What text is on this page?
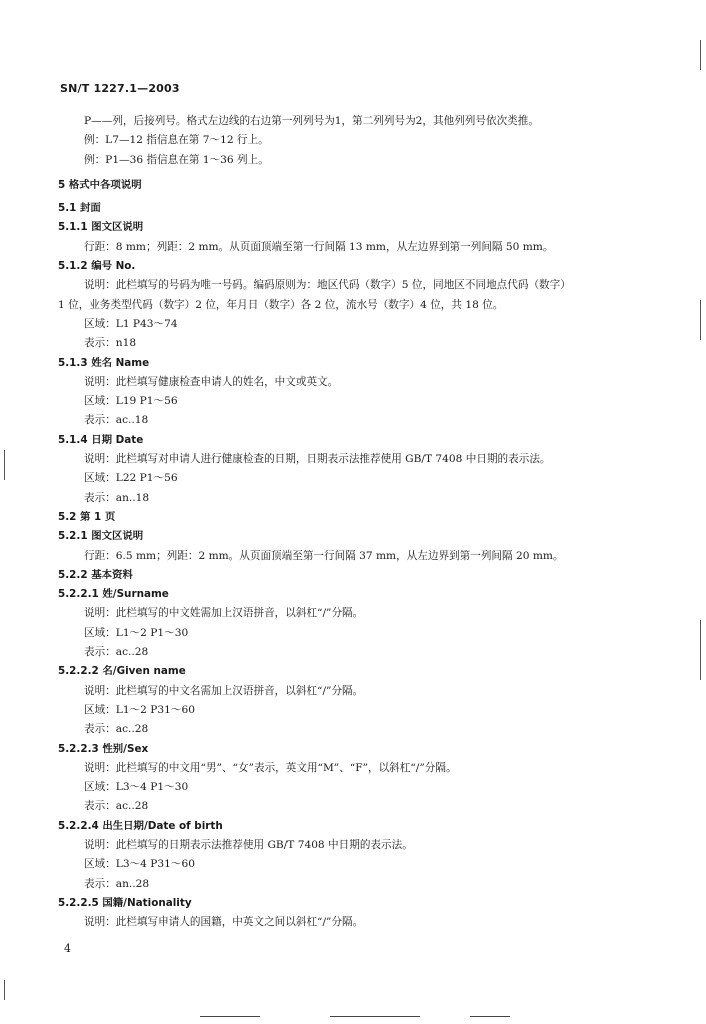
SN/T 1227.1—2003
P——列，后接列号。格式左边线的右边第一列列号为1，第二列列号为2，其他列列号依次类推。
例：L7—12 指信息在第 7～12 行上。
例：P1—36 指信息在第 1～36 列上。
5 格式中各项说明
5.1 封面
5.1.1 图文区说明
行距：8 mm；列距：2 mm。从页面顶端至第一行间隔 13 mm，从左边界到第一列间隔 50 mm。
5.1.2 编号 No.
说明：此栏填写的号码为唯一号码。编码原则为：地区代码（数字）5 位，同地区不同地点代码（数字）
1 位，业务类型代码（数字）2 位，年月日（数字）各 2 位，流水号（数字）4 位，共 18 位。
区域：L1 P43～74
表示：n18
5.1.3 姓名 Name
说明：此栏填写健康检查申请人的姓名，中文或英文。
区域：L19 P1～56
表示：ac..18
5.1.4 日期 Date
说明：此栏填写对申请人进行健康检查的日期，日期表示法推荐使用 GB/T 7408 中日期的表示法。
区域：L22 P1～56
表示：an..18
5.2 第 1 页
5.2.1 图文区说明
行距：6.5 mm；列距：2 mm。从页面顶端至第一行间隔 37 mm，从左边界到第一列间隔 20 mm。
5.2.2 基本资料
5.2.2.1 姓/Surname
说明：此栏填写的中文姓需加上汉语拼音，以斜杠“/”分隔。
区域：L1～2 P1～30
表示：ac..28
5.2.2.2 名/Given name
说明：此栏填写的中文名需加上汉语拼音，以斜杠“/”分隔。
区域：L1～2 P31～60
表示：ac..28
5.2.2.3 性别/Sex
说明：此栏填写的中文用“男”、“女”表示，英文用“M”、“F”，以斜杠“/”分隔。
区域：L3～4 P1～30
表示：ac..28
5.2.2.4 出生日期/Date of birth
说明：此栏填写的日期表示法推荐使用 GB/T 7408 中日期的表示法。
区域：L3～4 P31～60
表示：an..28
5.2.2.5 国籍/Nationality
说明：此栏填写申请人的国籍，中英文之间以斜杠“/”分隔。
4
